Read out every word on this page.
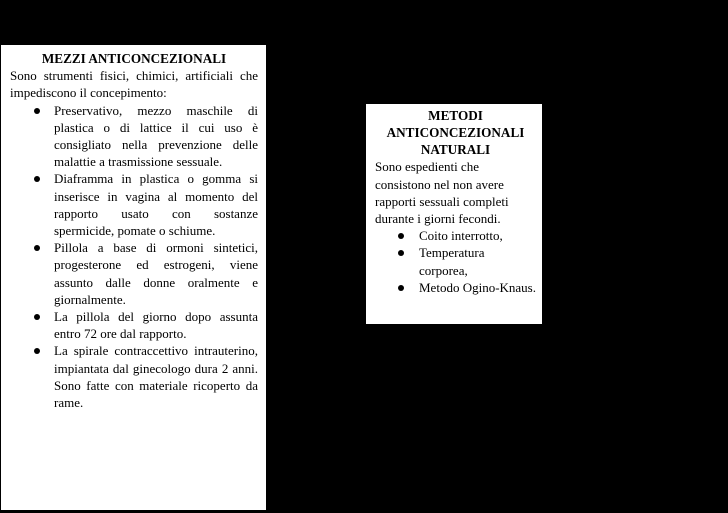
MEZZI ANTICONCEZIONALI

Sono strumenti fisici, chimici, artificiali che impediscono il concepimento:

Preservativo, mezzo maschile di plastica o di lattice il cui uso è consigliato nella prevenzione delle malattie a trasmissione sessuale.
Diaframma in plastica o gomma si inserisce in vagina al momento del rapporto usato con sostanze spermicide, pomate o schiume.
Pillola a base di ormoni sintetici, progesterone ed estrogeni, viene assunto dalle donne oralmente e giornalmente.
La pillola del giorno dopo assunta entro 72 ore dal rapporto.
La spirale contraccettivo intrauterino, impiantata dal ginecologo dura 2 anni. Sono fatte con materiale ricoperto da rame.

METODI ANTICONCEZIONALI NATURALI

Sono espedienti che consistono nel non avere rapporti sessuali completi durante i giorni fecondi.

Coito interrotto,
Temperatura corporea,
Metodo Ogino-Knaus.
